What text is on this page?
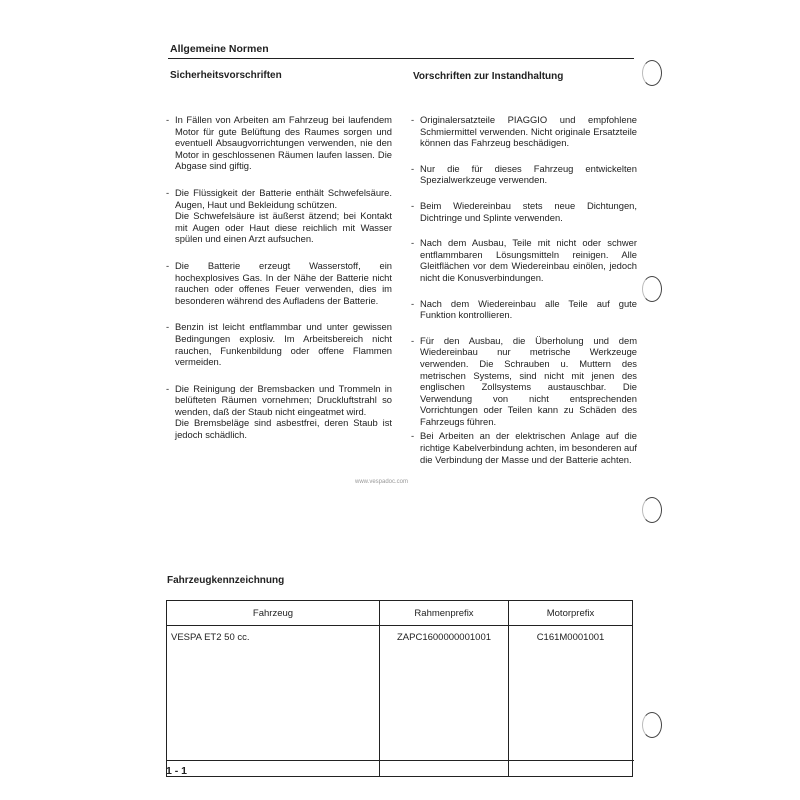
Allgemeine Normen
Sicherheitsvorschriften	Vorschriften zur Instandhaltung
- In Fällen von Arbeiten am Fahrzeug bei laufendem Motor für gute Belüftung des Raumes sorgen und eventuell Absaugvorrichtungen verwenden, nie den Motor in geschlossenen Räumen laufen lassen. Die Abgase sind giftig.
- Die Flüssigkeit der Batterie enthält Schwefelsäure. Augen, Haut und Bekleidung schützen.
Die Schwefelsäure ist äußerst ätzend; bei Kontakt mit Augen oder Haut diese reichlich mit Wasser spülen und einen Arzt aufsuchen.
- Die Batterie erzeugt Wasserstoff, ein hochexplosives Gas. In der Nähe der Batterie nicht rauchen oder offenes Feuer verwenden, dies im besonderen während des Aufladens der Batterie.
- Benzin ist leicht entflammbar und unter gewissen Bedingungen explosiv. Im Arbeitsbereich nicht rauchen, Funkenbildung oder offene Flammen vermeiden.
- Die Reinigung der Bremsbacken und Trommeln in belüfteten Räumen vornehmen; Druckluftstrahl so wenden, daß der Staub nicht eingeatmet wird.
Die Bremsbeläge sind asbestfrei, deren Staub ist jedoch schädlich.
- Originalersatzteile PIAGGIO und empfohlene Schmiermittel verwenden. Nicht originale Ersatzteile können das Fahrzeug beschädigen.
- Nur die für dieses Fahrzeug entwickelten Spezialwerkzeuge verwenden.
- Beim Wiedereinbau stets neue Dichtungen, Dichtringe und Splinte verwenden.
- Nach dem Ausbau, Teile mit nicht oder schwer entflammbaren Lösungsmitteln reinigen. Alle Gleitflächen vor dem Wiedereinbau einölen, jedoch nicht die Konusverbindungen.
- Nach dem Wiedereinbau alle Teile auf gute Funktion kontrollieren.
- Für den Ausbau, die Überholung und dem Wiedereinbau nur metrische Werkzeuge verwenden. Die Schrauben u. Muttern des metrischen Systems, sind nicht mit jenen des englischen Zollsystems austauschbar. Die Verwendung von nicht entsprechenden Vorrichtungen oder Teilen kann zu Schäden des Fahrzeugs führen.
- Bei Arbeiten an der elektrischen Anlage auf die richtige Kabelverbindung achten, im besonderen auf die Verbindung der Masse und der Batterie achten.
www.vespadoc.com
Fahrzeugkennzeichnung
Fahrzeug	Rahmenprefix	Motorprefix
VESPA ET2 50 cc.	ZAPC1600000001001	C161M0001001
1 - 1
